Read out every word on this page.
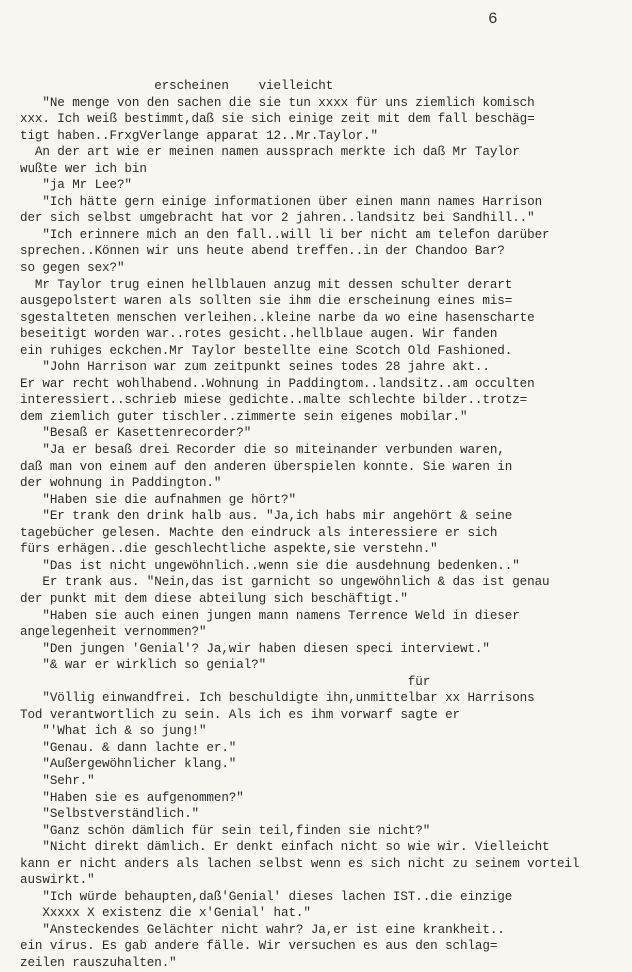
6
erscheinen    vielleicht
"Ne menge von den sachen die sie tun xxxx für uns ziemlich komisch
xxx. Ich weiß bestimmt,daß sie sich einige zeit mit dem fall beschäg=
tigt haben..FrxgVerlange apparat 12..Mr.Taylor."
An der art wie er meinen namen aussprach merkte ich daß Mr Taylor
wußte wer ich bin
"ja Mr Lee?"
"Ich hätte gern einige informationen über einen mann names Harrison
der sich selbst umgebracht hat vor 2 jahren..landsitz bei Sandhill.."
"Ich erinnere mich an den fall..will li ber nicht am telefon darüber
sprechen..Können wir uns heute abend treffen..in der Chandoo Bar?
so gegen sex?"
Mr Taylor trug einen hellblauen anzug mit dessen schulter derart
ausgepolstert waren als sollten sie ihm die erscheinung eines mis=
sgestalteten menschen verleihen..kleine narbe da wo eine hasenscharte
beseitigt worden war..rotes gesicht..hellblaue augen. Wir fanden
ein ruhiges eckchen.Mr Taylor bestellte eine Scotch Old Fashioned.
"John Harrison war zum zeitpunkt seines todes 28 jahre akt..
Er war recht wohlhabend..Wohnung in Paddingtom..landsitz..am occulten
interessiert..schrieb miese gedichte..malte schlechte bilder..trotz=
dem ziemlich guter tischler..zimmerte sein eigenes mobilar."
"Besaß er Kasettenrecorder?"
"Ja er besaß drei Recorder die so miteinander verbunden waren,
daß man von einem auf den anderen überspielen konnte. Sie waren in
der wohnung in Paddington."
"Haben sie die aufnahmen ge hört?"
"Er trank den drink halb aus. "Ja,ich habs mir angehört & seine
tagebücher gelesen. Machte den eindruck als interessiere er sich
fürs erhägen..die geschlechtliche aspekte,sie verstehn."
"Das ist nicht ungewöhnlich..wenn sie die ausdehnung bedenken.."
Er trank aus. "Nein,das ist garnicht so ungewöhnlich & das ist genau
der punkt mit dem diese abteilung sich beschäftigt."
"Haben sie auch einen jungen mann namens Terrence Weld in dieser
angelegenheit vernommen?"
"Den jungen 'Genial'? Ja,wir haben diesen speci interviewt."
"& war er wirklich so genial?"
für
"Völlig einwandfrei. Ich beschuldigte ihn,unmittelbar xx Harrisons
Tod verantwortlich zu sein. Als ich es ihm vorwarf sagte er
"'What ich & so jung!"
"Genau. & dann lachte er."
"Außergewöhnlicher klang."
"Sehr."
"Haben sie es aufgenommen?"
"Selbstverständlich."
"Ganz schön dämlich für sein teil,finden sie nicht?"
"Nicht direkt dämlich. Er denkt einfach nicht so wie wir. Vielleicht
kann er nicht anders als lachen selbst wenn es sich nicht zu seinem vorteil
auswirkt."
"Ich würde behaupten,daß'Genial' dieses lachen IST..die einzige
Xxxxx X existenz die x'Genial' hat."
"Ansteckendes Gelächter nicht wahr? Ja,er ist eine krankheit..
ein virus. Es gab andere fälle. Wir versuchen es aus den schlag=
zeilen rauszuhalten."
